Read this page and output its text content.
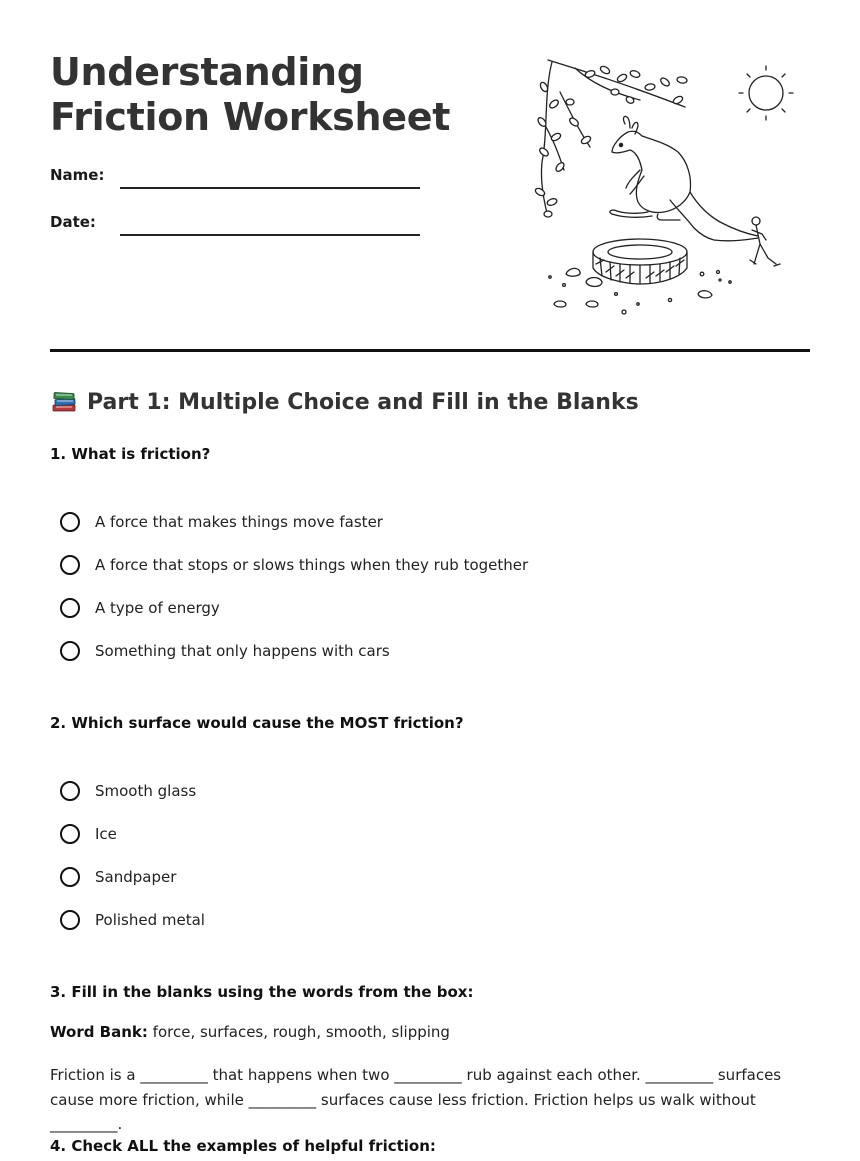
Understanding Friction Worksheet
Name:
Date:
Part 1: Multiple Choice and Fill in the Blanks

1. What is friction?

A force that makes things move faster
A force that stops or slows things when they rub together
A type of energy
Something that only happens with cars

2. Which surface would cause the MOST friction?

Smooth glass
Ice
Sandpaper
Polished metal

3. Fill in the blanks using the words from the box:

Word Bank: force, surfaces, rough, smooth, slipping

Friction is a _________ that happens when two _________ rub against each other. _________ surfaces cause more friction, while _________ surfaces cause less friction. Friction helps us walk without _________.

4. Check ALL the examples of helpful friction:
